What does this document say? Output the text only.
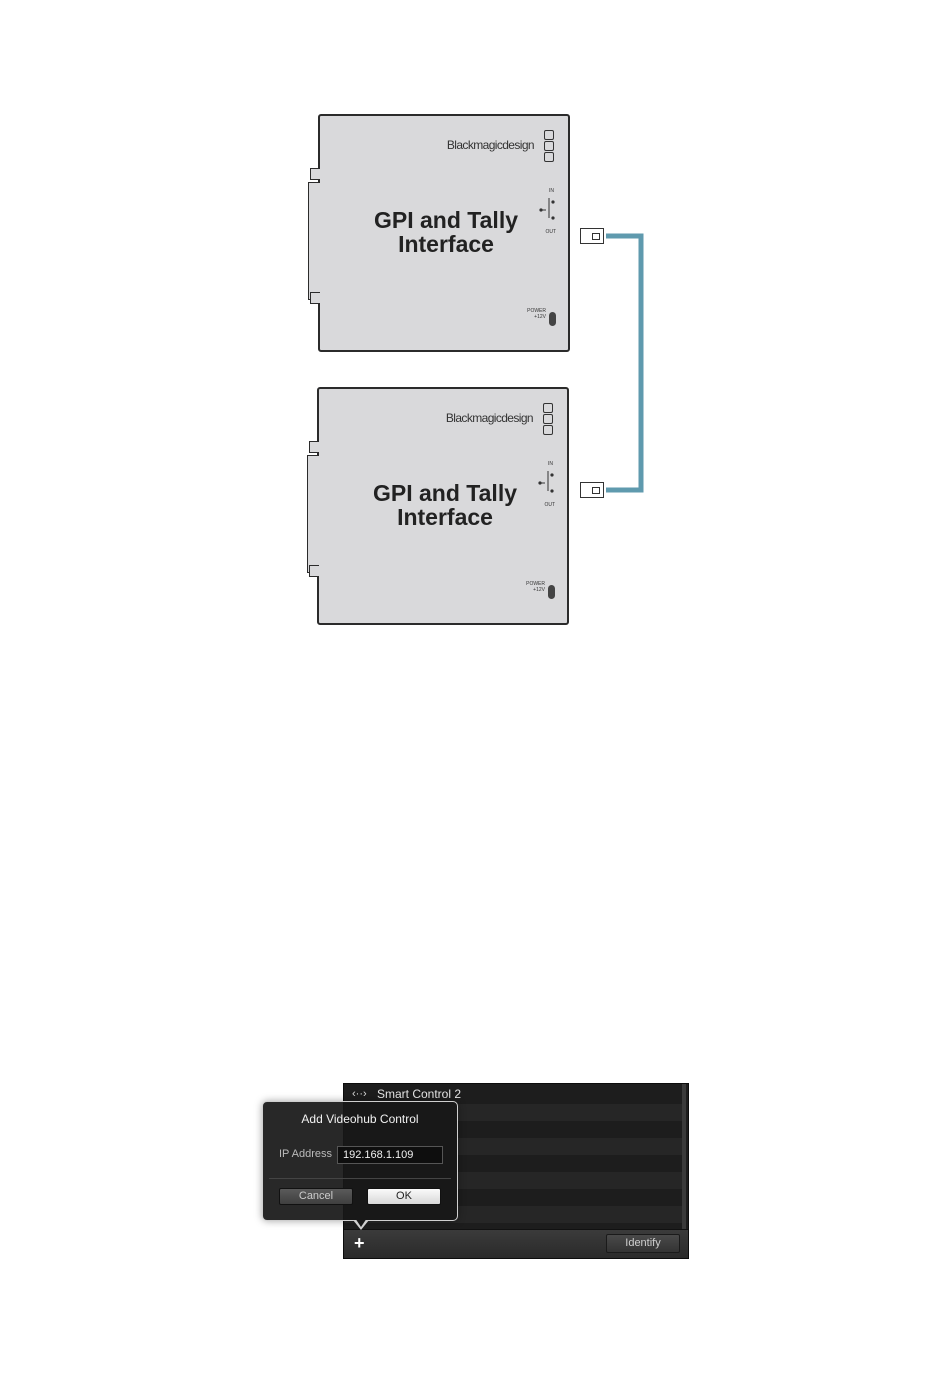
Blackmagicdesign
IN
OUT
GPI and Tally
Interface
POWER
+12V
Blackmagicdesign
IN
OUT
GPI and Tally
Interface
POWER
+12V
‹··› Smart Control 2
+	Identify
Add Videohub Control
IP Address
192.168.1.109
Cancel	OK
